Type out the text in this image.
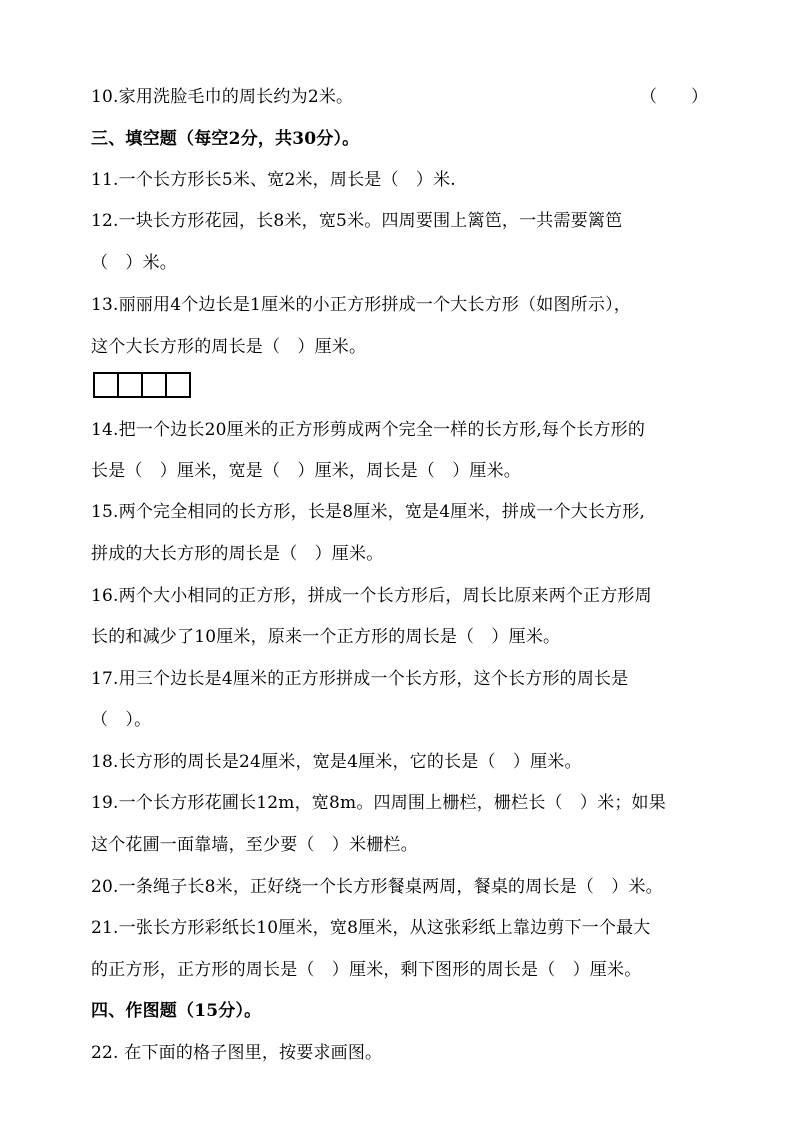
10.家用洗脸毛巾的周长约为2米。	（　　）
三、填空题（每空2分，共30分）。
11.一个长方形长5米、宽2米，周长是（　）米.
12.一块长方形花园，长8米，宽5米。四周要围上篱笆，一共需要篱笆
（　）米。
13.丽丽用4个边长是1厘米的小正方形拼成一个大长方形（如图所示），
这个大长方形的周长是（　）厘米。
14.把一个边长20厘米的正方形剪成两个完全一样的长方形,每个长方形的
长是（　）厘米，宽是（　）厘米，周长是（　）厘米。
15.两个完全相同的长方形，长是8厘米，宽是4厘米，拼成一个大长方形,
拼成的大长方形的周长是（　）厘米。
16.两个大小相同的正方形，拼成一个长方形后，周长比原来两个正方形周
长的和减少了10厘米，原来一个正方形的周长是（　）厘米。
17.用三个边长是4厘米的正方形拼成一个长方形，这个长方形的周长是
（　）。
18.长方形的周长是24厘米，宽是4厘米，它的长是（　）厘米。
19.一个长方形花圃长12m，宽8m。四周围上栅栏，栅栏长（　）米；如果
这个花圃一面靠墙，至少要（　）米栅栏。
20.一条绳子长8米，正好绕一个长方形餐桌两周，餐桌的周长是（　）米。
21.一张长方形彩纸长10厘米，宽8厘米，从这张彩纸上靠边剪下一个最大
的正方形，正方形的周长是（　）厘米，剩下图形的周长是（　）厘米。
四、作图题（15分）。
22. 在下面的格子图里，按要求画图。
